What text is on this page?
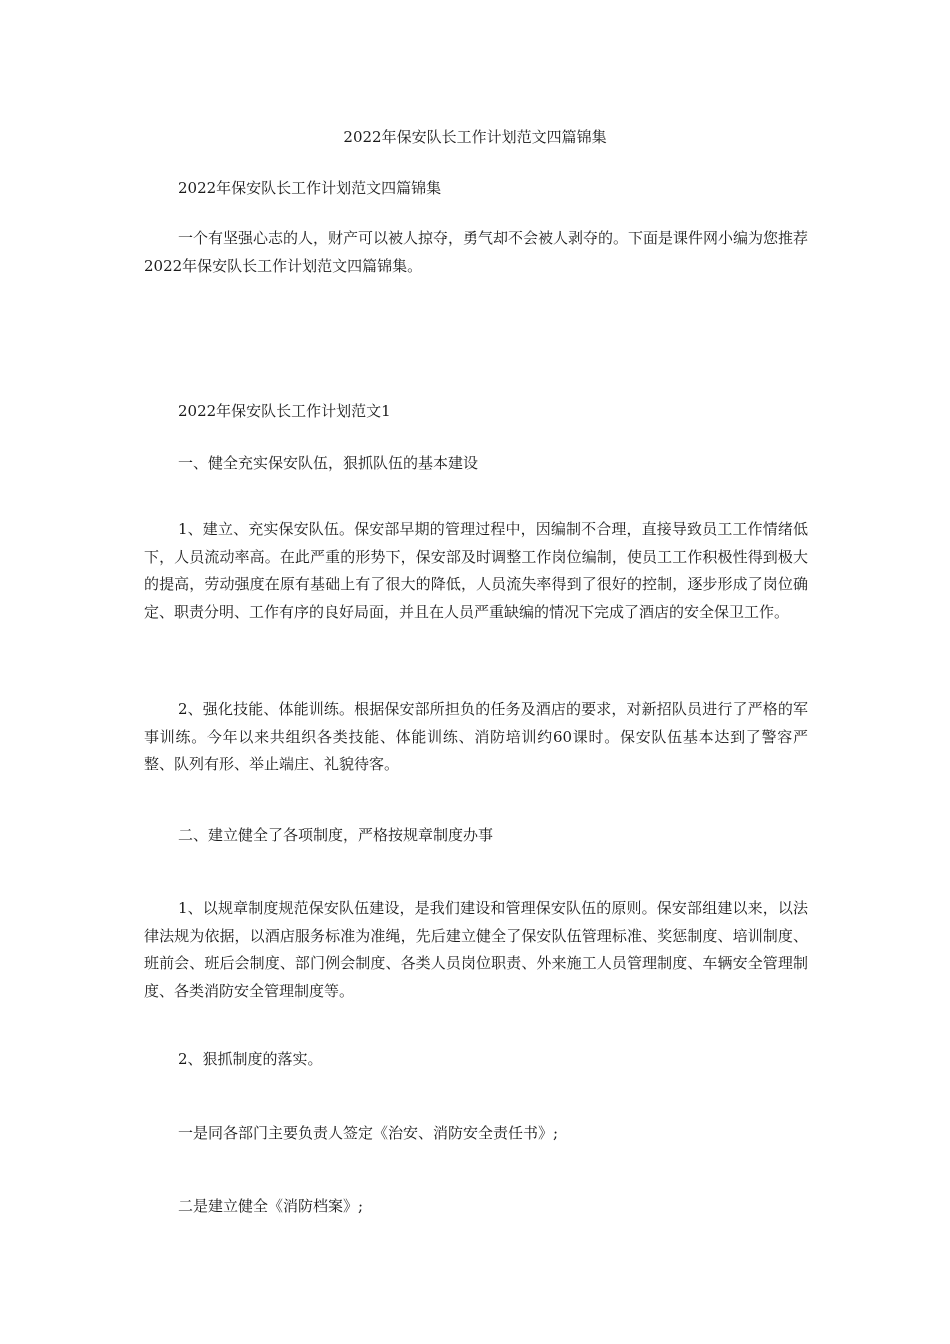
2022年保安队长工作计划范文四篇锦集

2022年保安队长工作计划范文四篇锦集

一个有坚强心志的人，财产可以被人掠夺，勇气却不会被人剥夺的。下面是课件网小编为您推荐2022年保安队长工作计划范文四篇锦集。

2022年保安队长工作计划范文1

一、健全充实保安队伍，狠抓队伍的基本建设

1、建立、充实保安队伍。保安部早期的管理过程中，因编制不合理，直接导致员工工作情绪低下，人员流动率高。在此严重的形势下，保安部及时调整工作岗位编制，使员工工作积极性得到极大的提高，劳动强度在原有基础上有了很大的降低，人员流失率得到了很好的控制，逐步形成了岗位确定、职责分明、工作有序的良好局面，并且在人员严重缺编的情况下完成了酒店的安全保卫工作。

2、强化技能、体能训练。根据保安部所担负的任务及酒店的要求，对新招队员进行了严格的军事训练。今年以来共组织各类技能、体能训练、消防培训约60课时。保安队伍基本达到了警容严整、队列有形、举止端庄、礼貌待客。

二、建立健全了各项制度，严格按规章制度办事

1、以规章制度规范保安队伍建设，是我们建设和管理保安队伍的原则。保安部组建以来，以法律法规为依据，以酒店服务标准为准绳，先后建立健全了保安队伍管理标准、奖惩制度、培训制度、班前会、班后会制度、部门例会制度、各类人员岗位职责、外来施工人员管理制度、车辆安全管理制度、各类消防安全管理制度等。

2、狠抓制度的落实。

一是同各部门主要负责人签定《治安、消防安全责任书》;

二是建立健全《消防档案》;
